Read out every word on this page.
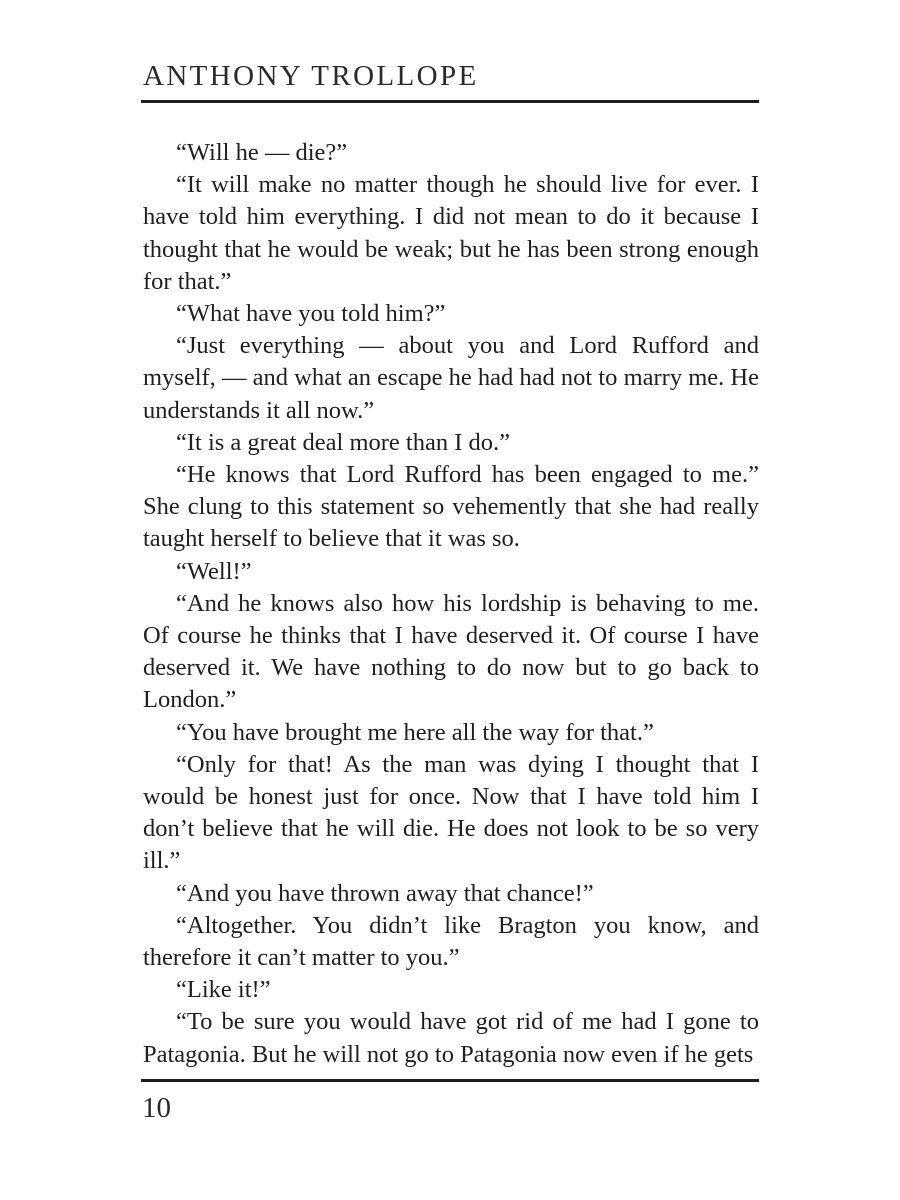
ANTHONY TROLLOPE

“Will he — die?”

“It will make no matter though he should live for ever. I have told him everything. I did not mean to do it because I thought that he would be weak; but he has been strong enough for that.”

“What have you told him?”

“Just everything — about you and Lord Rufford and myself, — and what an escape he had had not to marry me. He understands it all now.”

“It is a great deal more than I do.”

“He knows that Lord Rufford has been engaged to me.” She clung to this statement so vehemently that she had really taught herself to believe that it was so.

“Well!”

“And he knows also how his lordship is behaving to me. Of course he thinks that I have deserved it. Of course I have deserved it. We have nothing to do now but to go back to London.”

“You have brought me here all the way for that.”

“Only for that! As the man was dying I thought that I would be honest just for once. Now that I have told him I don’t believe that he will die. He does not look to be so very ill.”

“And you have thrown away that chance!”

“Altogether. You didn’t like Bragton you know, and therefore it can’t matter to you.”

“Like it!”

“To be sure you would have got rid of me had I gone to Patagonia. But he will not go to Patagonia now even if he gets

10
